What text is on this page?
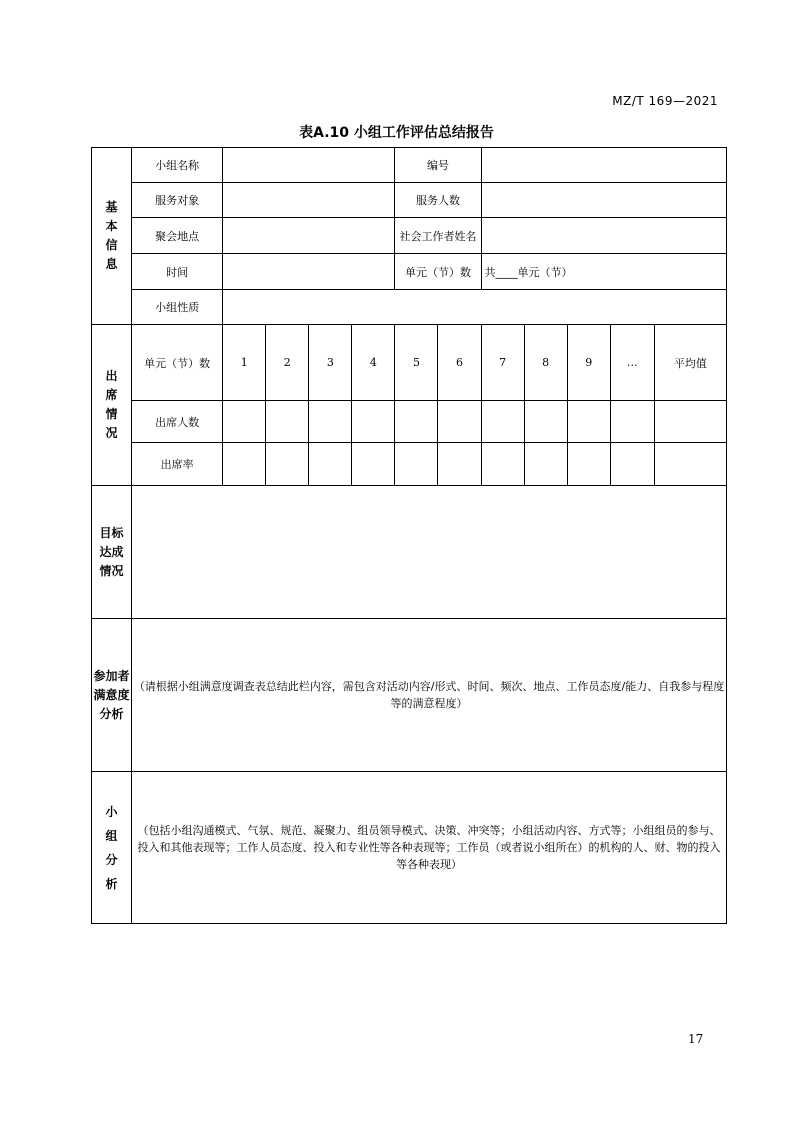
MZ/T 169—2021
表A.10 小组工作评估总结报告
基本信息	小组名称					编号						
	服务对象					服务人数						
	聚会地点					社会工作者姓名						
	时间					单元（节）数		共____单元（节）				
	小组性质											
出席情况	单元（节）数	1	2	3	4	5	6	7	8	9	…	平均值
	出席人数											
	出席率											
目标达成情况												
参加者满意度分析	（请根据小组满意度调查表总结此栏内容，需包含对活动内容/形式、时间、频次、地点、工作员态度/能力、自我参与程度等的满意程度）											

小
组
分
析	（包括小组沟通模式、气氛、规范、凝聚力、组员领导模式、决策、冲突等；小组活动内容、方式等；小组组员的参与、投入和其他表现等；工作人员态度、投入和专业性等各种表现等；工作员（或者说小组所在）的机构的人、财、物的投入等各种表现）											
17
